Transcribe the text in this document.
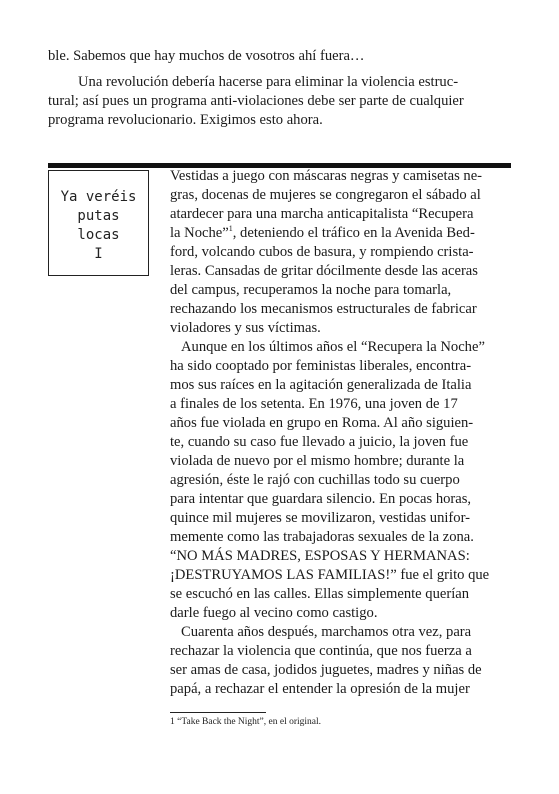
ble. Sabemos que hay muchos de vosotros ahí fuera…
Una revolución debería hacerse para eliminar la violencia estruc-
tural; así pues un programa anti-violaciones debe ser parte de cualquier
programa revolucionario. Exigimos esto ahora.
Ya veréis
putas
locas
I
Vestidas a juego con máscaras negras y camisetas ne-
gras, docenas de mujeres se congregaron el sábado al
atardecer para una marcha anticapitalista “Recupera
la Noche”$^1$, deteniendo el tráfico en la Avenida Bed-
ford, volcando cubos de basura, y rompiendo crista-
leras. Cansadas de gritar dócilmente desde las aceras
del campus, recuperamos la noche para tomarla,
rechazando los mecanismos estructurales de fabricar
violadores y sus víctimas.
Aunque en los últimos años el “Recupera la Noche”
ha sido cooptado por feministas liberales, encontra-
mos sus raíces en la agitación generalizada de Italia
a finales de los setenta. En 1976, una joven de 17
años fue violada en grupo en Roma. Al año siguien-
te, cuando su caso fue llevado a juicio, la joven fue
violada de nuevo por el mismo hombre; durante la
agresión, éste le rajó con cuchillas todo su cuerpo
para intentar que guardara silencio. En pocas horas,
quince mil mujeres se movilizaron, vestidas unifor-
memente como las trabajadoras sexuales de la zona.
“NO MÁS MADRES, ESPOSAS Y HERMANAS:
¡DESTRUYAMOS LAS FAMILIAS!” fue el grito que
se escuchó en las calles. Ellas simplemente querían
darle fuego al vecino como castigo.
Cuarenta años después, marchamos otra vez, para
rechazar la violencia que continúa, que nos fuerza a
ser amas de casa, jodidos juguetes, madres y niñas de
papá, a rechazar el entender la opresión de la mujer
1 “Take Back the Night”, en el original.
